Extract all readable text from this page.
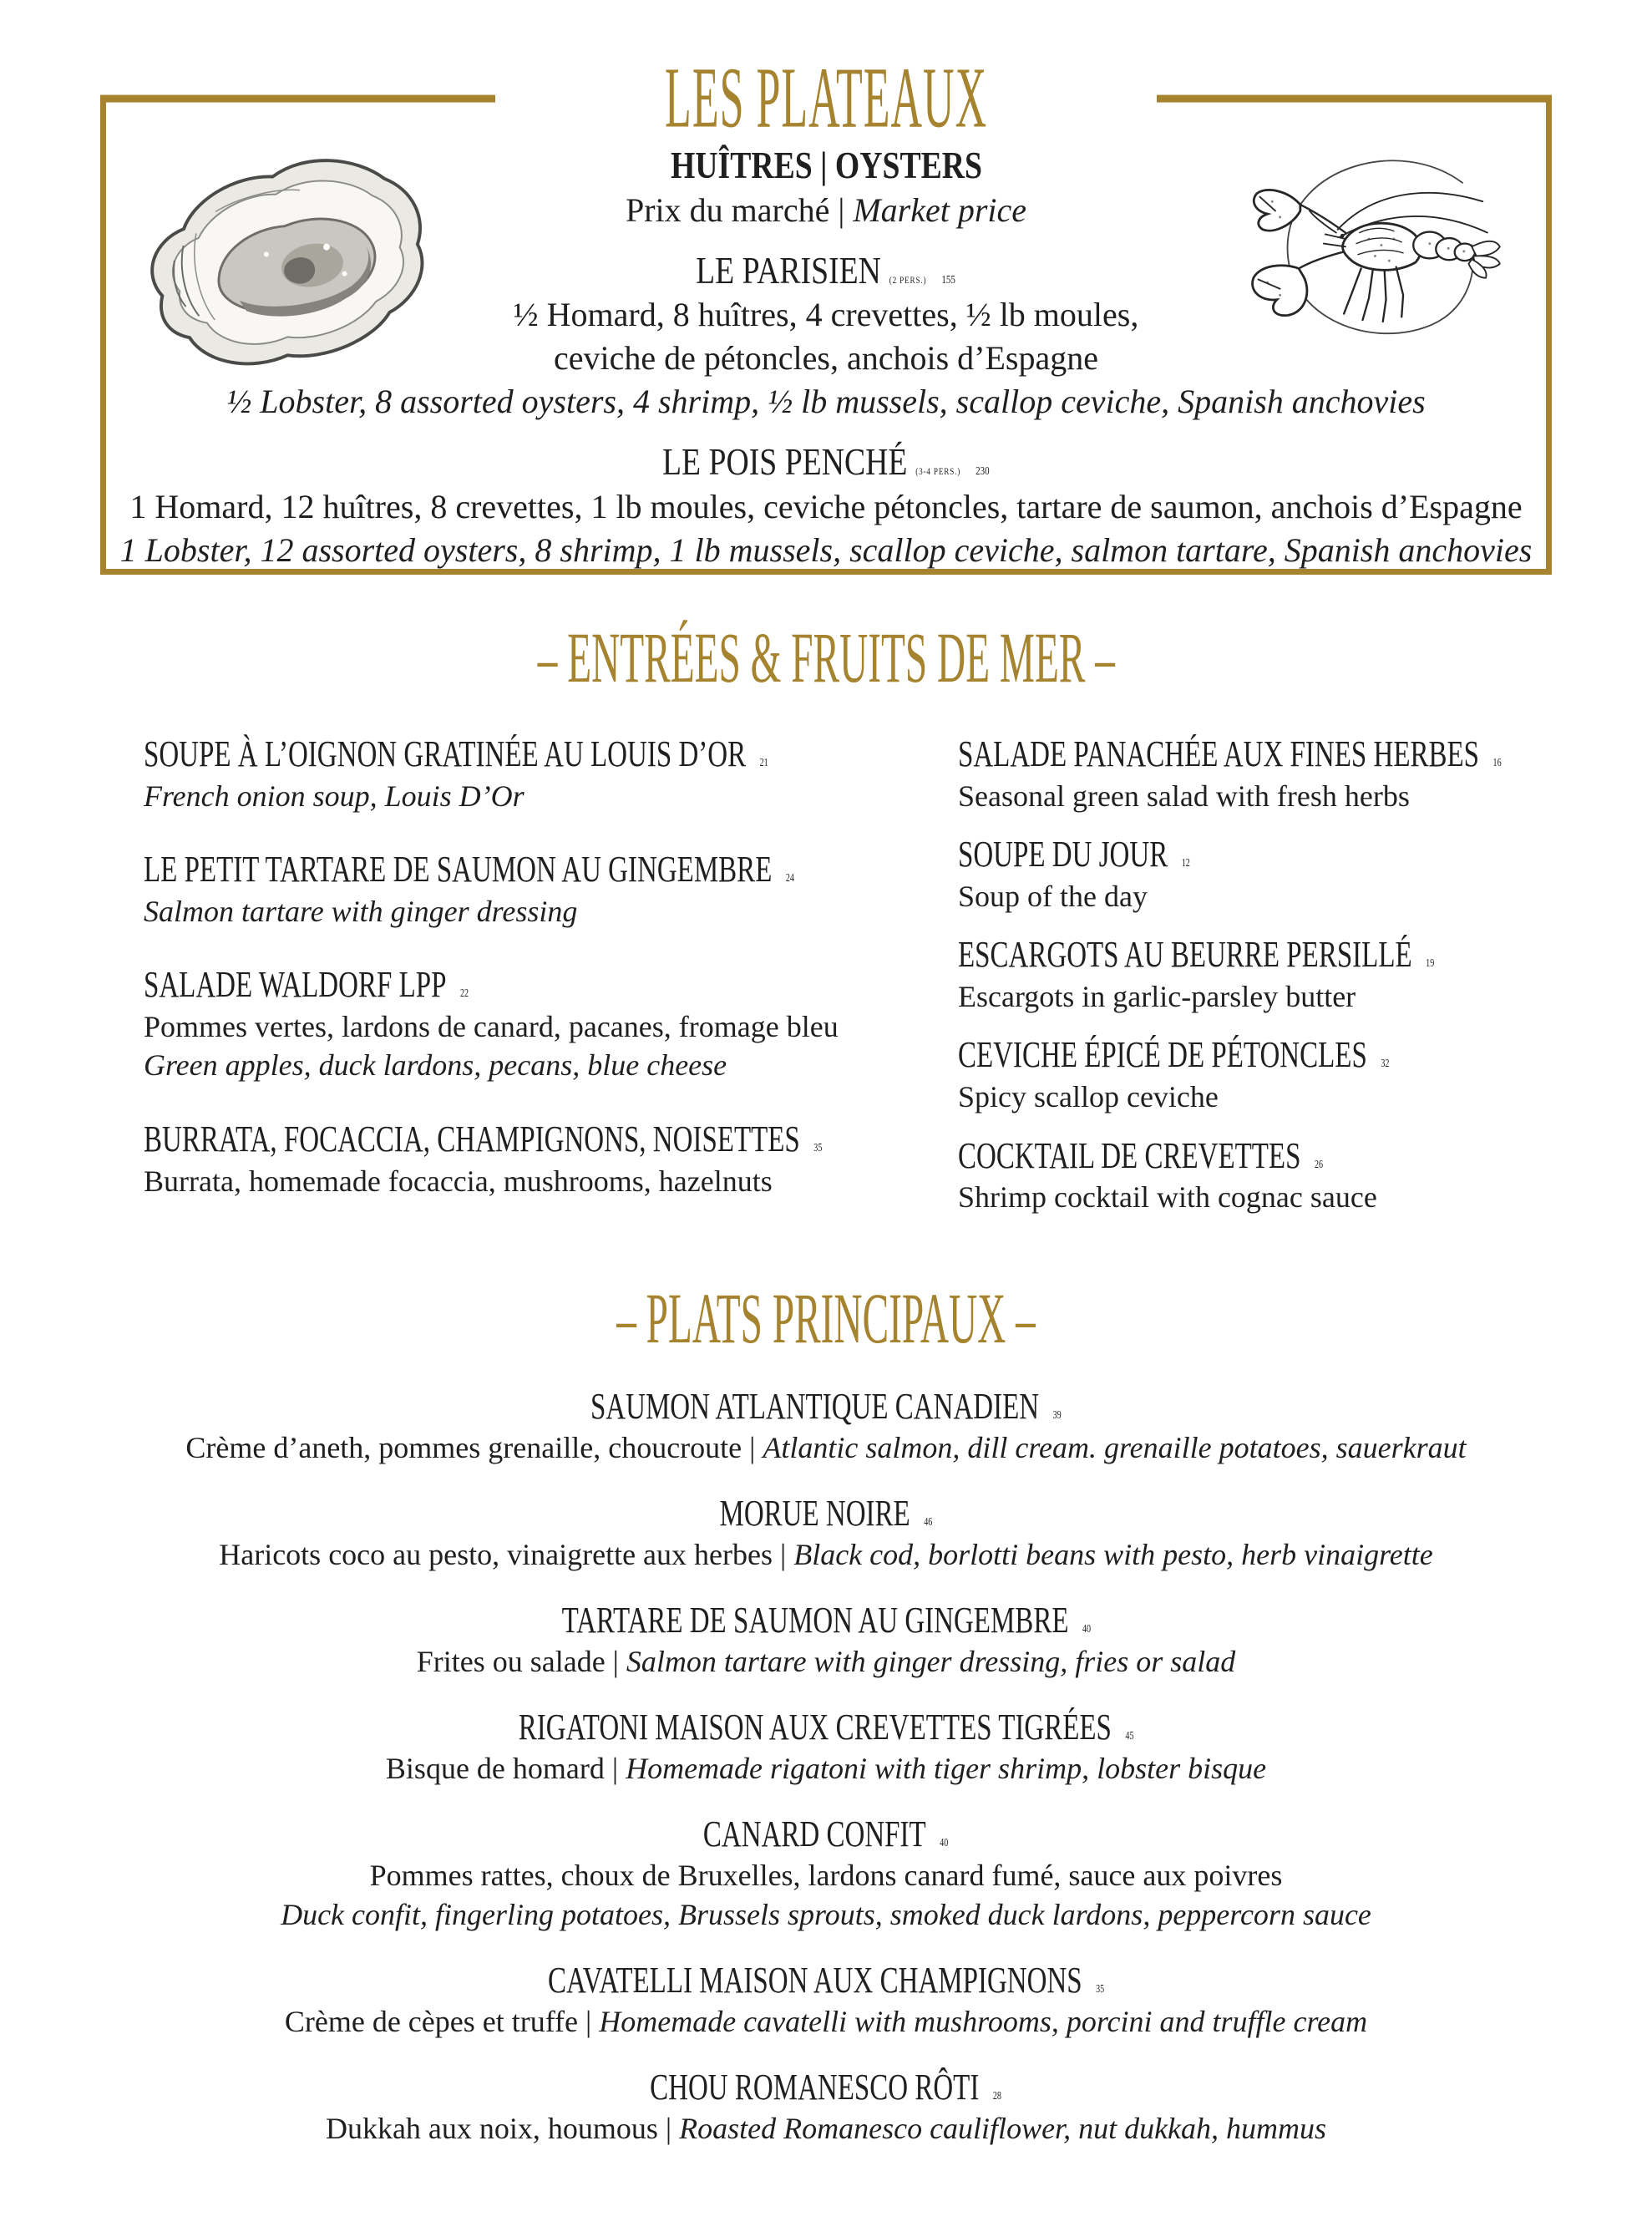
LES PLATEAUX
HUÎTRES | OYSTERS
Prix du marché | Market price
LE PARISIEN (2 PERS.) 155
½ Homard, 8 huîtres, 4 crevettes, ½ lb moules,
ceviche de pétoncles, anchois d’Espagne
½ Lobster, 8 assorted oysters, 4 shrimp, ½ lb mussels, scallop ceviche, Spanish anchovies
LE POIS PENCHÉ (3-4 PERS.) 230
1 Homard, 12 huîtres, 8 crevettes, 1 lb moules, ceviche pétoncles, tartare de saumon, anchois d’Espagne
1 Lobster, 12 assorted oysters, 8 shrimp, 1 lb mussels, scallop ceviche, salmon tartare, Spanish anchovies
– ENTRÉES & FRUITS DE MER –
SOUPE À L’OIGNON GRATINÉE AU LOUIS D’OR 21
French onion soup, Louis D’Or
LE PETIT TARTARE DE SAUMON AU GINGEMBRE 24
Salmon tartare with ginger dressing
SALADE WALDORF LPP 22
Pommes vertes, lardons de canard, pacanes, fromage bleu
Green apples, duck lardons, pecans, blue cheese
BURRATA, FOCACCIA, CHAMPIGNONS, NOISETTES 35
Burrata, homemade focaccia, mushrooms, hazelnuts
SALADE PANACHÉE AUX FINES HERBES 16
Seasonal green salad with fresh herbs
SOUPE DU JOUR 12
Soup of the day
ESCARGOTS AU BEURRE PERSILLÉ 19
Escargots in garlic-parsley butter
CEVICHE ÉPICÉ DE PÉTONCLES 32
Spicy scallop ceviche
COCKTAIL DE CREVETTES 26
Shrimp cocktail with cognac sauce
– PLATS PRINCIPAUX –
SAUMON ATLANTIQUE CANADIEN 39
Crème d’aneth, pommes grenaille, choucroute | Atlantic salmon, dill cream. grenaille potatoes, sauerkraut
MORUE NOIRE 46
Haricots coco au pesto, vinaigrette aux herbes | Black cod, borlotti beans with pesto, herb vinaigrette
TARTARE DE SAUMON AU GINGEMBRE 40
Frites ou salade | Salmon tartare with ginger dressing, fries or salad
RIGATONI MAISON AUX CREVETTES TIGRÉES 45
Bisque de homard | Homemade rigatoni with tiger shrimp, lobster bisque
CANARD CONFIT 40
Pommes rattes, choux de Bruxelles, lardons canard fumé, sauce aux poivres
Duck confit, fingerling potatoes, Brussels sprouts, smoked duck lardons, peppercorn sauce
CAVATELLI MAISON AUX CHAMPIGNONS 35
Crème de cèpes et truffe | Homemade cavatelli with mushrooms, porcini and truffle cream
CHOU ROMANESCO RÔTI 28
Dukkah aux noix, houmous | Roasted Romanesco cauliflower, nut dukkah, hummus
